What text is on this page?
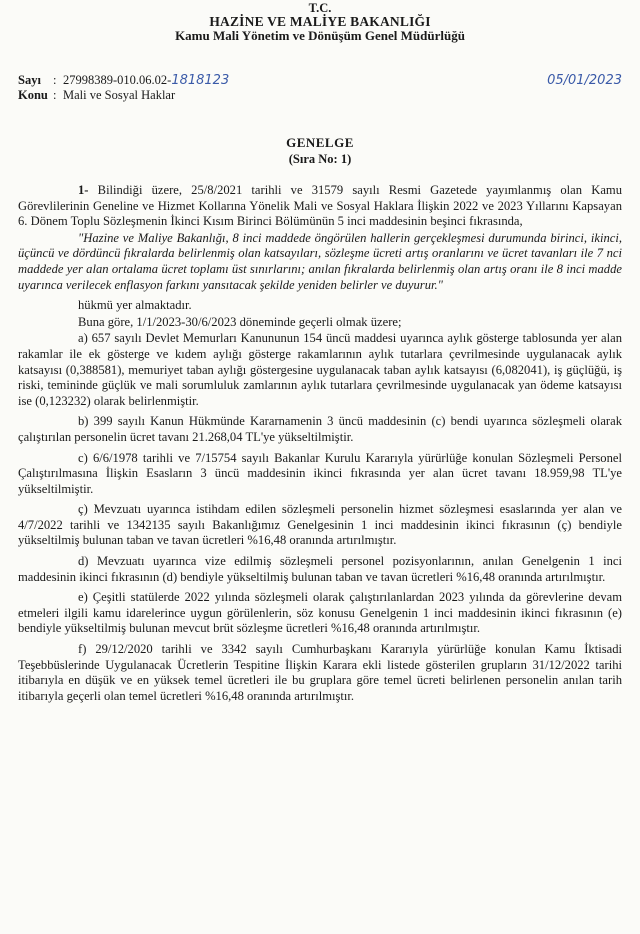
T.C.
HAZİNE VE MALİYE BAKANLIĞI
Kamu Mali Yönetim ve Dönüşüm Genel Müdürlüğü
Sayı : 27998389-010.06.02- 1818123	05/01/2023
Konu : Mali ve Sosyal Haklar
GENELGE
(Sıra No: 1)

1- Bilindiği üzere, 25/8/2021 tarihli ve 31579 sayılı Resmi Gazetede yayımlanmış olan Kamu Görevlilerinin Geneline ve Hizmet Kollarına Yönelik Mali ve Sosyal Haklara İlişkin 2022 ve 2023 Yıllarını Kapsayan 6. Dönem Toplu Sözleşmenin İkinci Kısım Birinci Bölümünün 5 inci maddesinin beşinci fıkrasında,

"Hazine ve Maliye Bakanlığı, 8 inci maddede öngörülen hallerin gerçekleşmesi durumunda birinci, ikinci, üçüncü ve dördüncü fıkralarda belirlenmiş olan katsayıları, sözleşme ücreti artış oranlarını ve ücret tavanları ile 7 nci maddede yer alan ortalama ücret toplamı üst sınırlarını; anılan fıkralarda belirlenmiş olan artış oranı ile 8 inci madde uyarınca verilecek enflasyon farkını yansıtacak şekilde yeniden belirler ve duyurur."

hükmü yer almaktadır.

Buna göre, 1/1/2023-30/6/2023 döneminde geçerli olmak üzere;

a) 657 sayılı Devlet Memurları Kanununun 154 üncü maddesi uyarınca aylık gösterge tablosunda yer alan rakamlar ile ek gösterge ve kıdem aylığı gösterge rakamlarının aylık tutarlara çevrilmesinde uygulanacak aylık katsayısı (0,388581), memuriyet taban aylığı göstergesine uygulanacak taban aylık katsayısı (6,082041), iş güçlüğü, iş riski, temininde güçlük ve mali sorumluluk zamlarının aylık tutarlara çevrilmesinde uygulanacak yan ödeme katsayısı ise (0,123232) olarak belirlenmiştir.

b) 399 sayılı Kanun Hükmünde Kararnamenin 3 üncü maddesinin (c) bendi uyarınca sözleşmeli olarak çalıştırılan personelin ücret tavanı 21.268,04 TL'ye yükseltilmiştir.

c) 6/6/1978 tarihli ve 7/15754 sayılı Bakanlar Kurulu Kararıyla yürürlüğe konulan Sözleşmeli Personel Çalıştırılmasına İlişkin Esasların 3 üncü maddesinin ikinci fıkrasında yer alan ücret tavanı 18.959,98 TL'ye yükseltilmiştir.

ç) Mevzuatı uyarınca istihdam edilen sözleşmeli personelin hizmet sözleşmesi esaslarında yer alan ve 4/7/2022 tarihli ve 1342135 sayılı Bakanlığımız Genelgesinin 1 inci maddesinin ikinci fıkrasının (ç) bendiyle yükseltilmiş bulunan taban ve tavan ücretleri %16,48 oranında artırılmıştır.

d) Mevzuatı uyarınca vize edilmiş sözleşmeli personel pozisyonlarının, anılan Genelgenin 1 inci maddesinin ikinci fıkrasının (d) bendiyle yükseltilmiş bulunan taban ve tavan ücretleri %16,48 oranında artırılmıştır.

e) Çeşitli statülerde 2022 yılında sözleşmeli olarak çalıştırılanlardan 2023 yılında da görevlerine devam etmeleri ilgili kamu idarelerince uygun görülenlerin, söz konusu Genelgenin 1 inci maddesinin ikinci fıkrasının (e) bendiyle yükseltilmiş bulunan mevcut brüt sözleşme ücretleri %16,48 oranında artırılmıştır.

f) 29/12/2020 tarihli ve 3342 sayılı Cumhurbaşkanı Kararıyla yürürlüğe konulan Kamu İktisadi Teşebbüslerinde Uygulanacak Ücretlerin Tespitine İlişkin Karara ekli listede gösterilen grupların 31/12/2022 tarihi itibarıyla en düşük ve en yüksek temel ücretleri ile bu gruplara göre temel ücreti belirlenen personelin anılan tarih itibarıyla geçerli olan temel ücretleri %16,48 oranında artırılmıştır.
